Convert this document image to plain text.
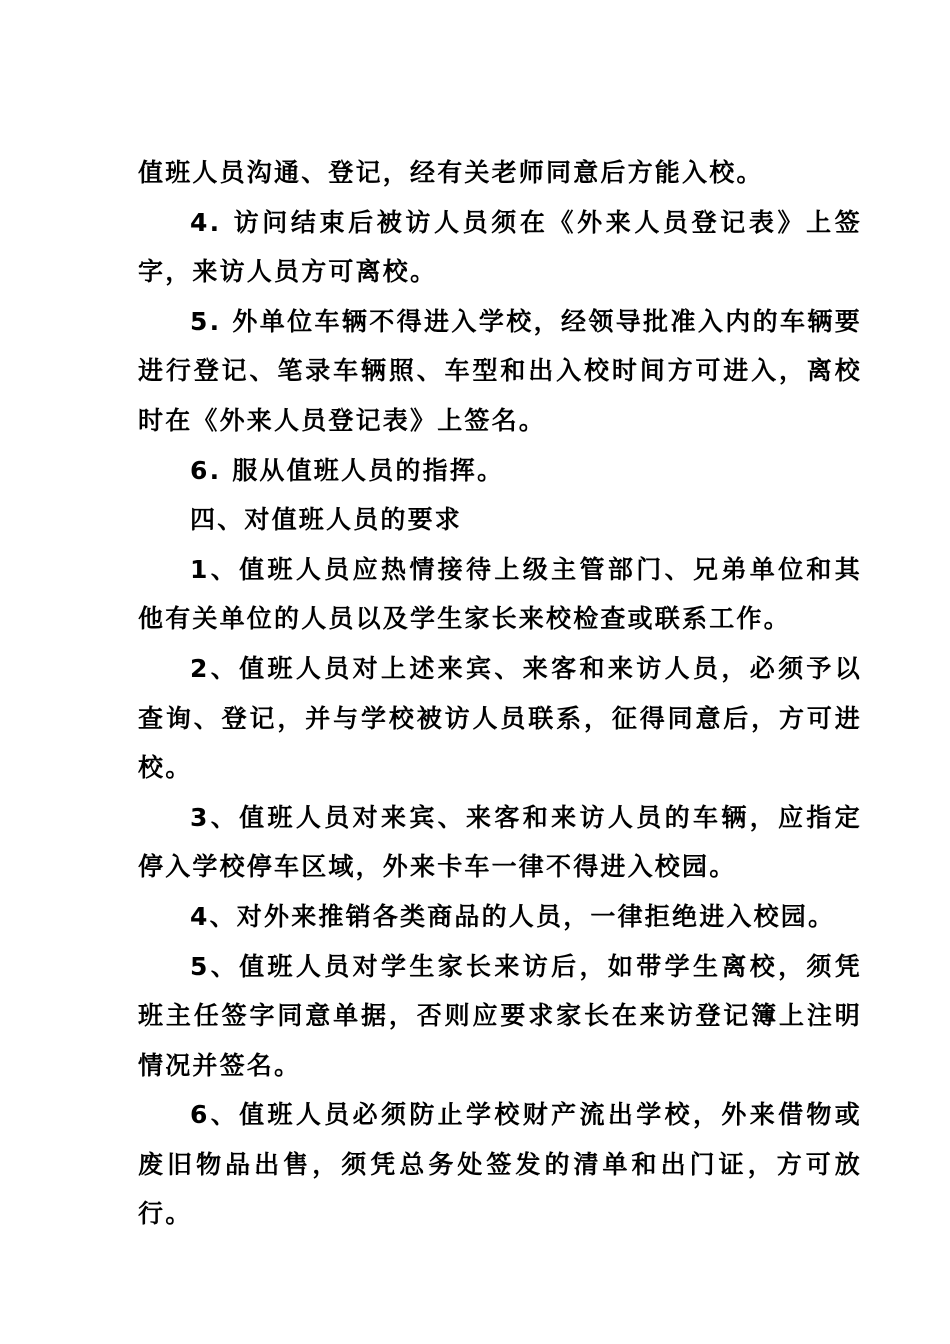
值班人员沟通、登记，经有关老师同意后方能入校。

4. 访问结束后被访人员须在《外来人员登记表》上签字，来访人员方可离校。

5. 外单位车辆不得进入学校，经领导批准入内的车辆要进行登记、笔录车辆照、车型和出入校时间方可进入，离校时在《外来人员登记表》上签名。

6. 服从值班人员的指挥。

四、对值班人员的要求

1、值班人员应热情接待上级主管部门、兄弟单位和其他有关单位的人员以及学生家长来校检查或联系工作。

2、值班人员对上述来宾、来客和来访人员，必须予以查询、登记，并与学校被访人员联系，征得同意后，方可进校。

3、值班人员对来宾、来客和来访人员的车辆，应指定停入学校停车区域，外来卡车一律不得进入校园。

4、对外来推销各类商品的人员，一律拒绝进入校园。

5、值班人员对学生家长来访后，如带学生离校，须凭班主任签字同意单据，否则应要求家长在来访登记簿上注明情况并签名。

6、值班人员必须防止学校财产流出学校，外来借物或废旧物品出售，须凭总务处签发的清单和出门证，方可放行。
